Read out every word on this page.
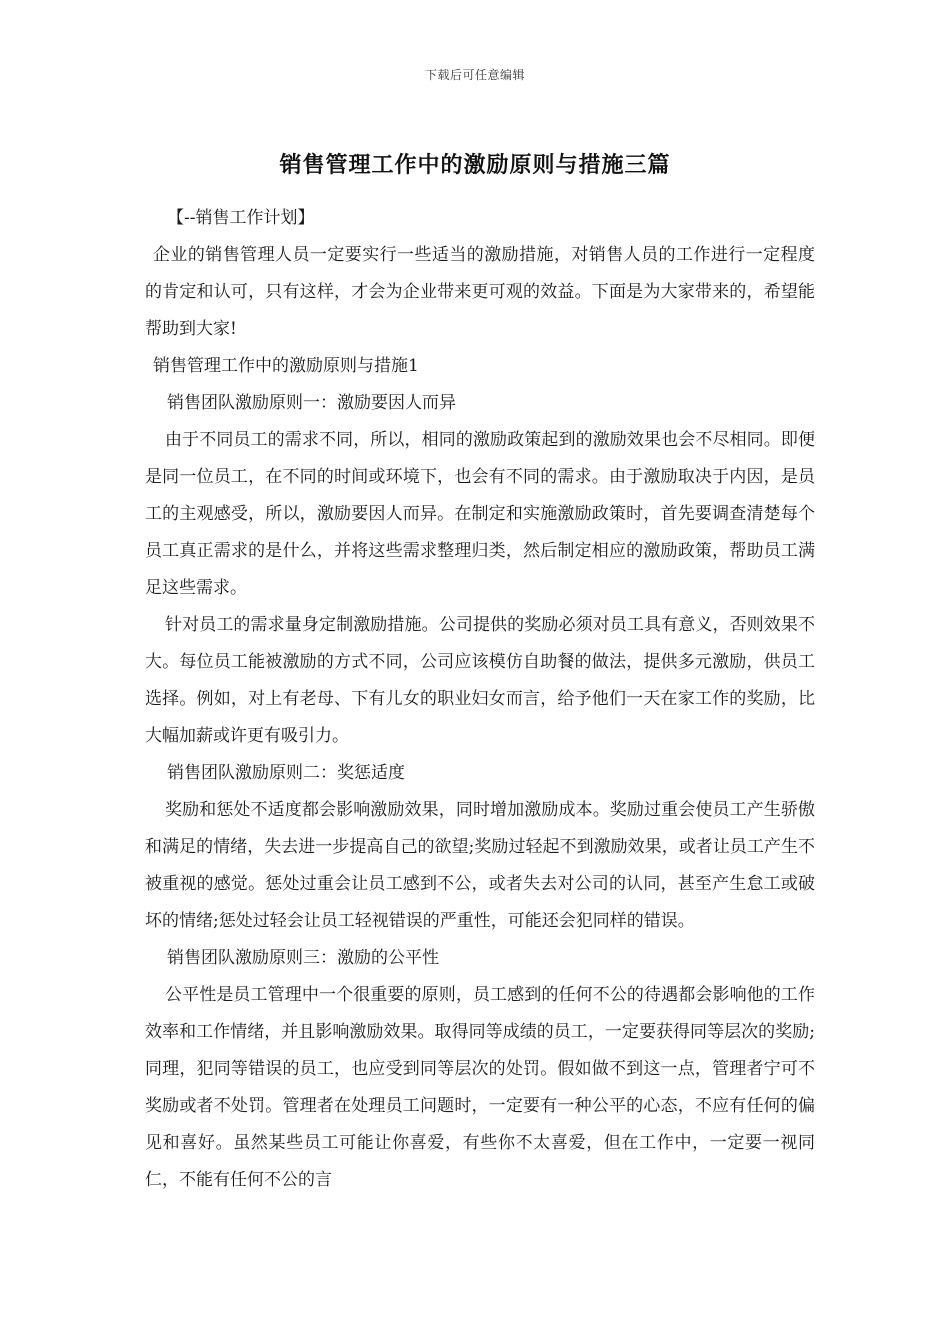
下载后可任意编辑
销售管理工作中的激励原则与措施三篇

【--销售工作计划】

企业的销售管理人员一定要实行一些适当的激励措施，对销售人员的工作进行一定程度的肯定和认可，只有这样，才会为企业带来更可观的效益。下面是为大家带来的，希望能帮助到大家!

销售管理工作中的激励原则与措施1

销售团队激励原则一：激励要因人而异

由于不同员工的需求不同，所以，相同的激励政策起到的激励效果也会不尽相同。即便是同一位员工，在不同的时间或环境下，也会有不同的需求。由于激励取决于内因，是员工的主观感受，所以，激励要因人而异。在制定和实施激励政策时，首先要调查清楚每个员工真正需求的是什么，并将这些需求整理归类，然后制定相应的激励政策，帮助员工满足这些需求。

针对员工的需求量身定制激励措施。公司提供的奖励必须对员工具有意义，否则效果不大。每位员工能被激励的方式不同，公司应该模仿自助餐的做法，提供多元激励，供员工选择。例如，对上有老母、下有儿女的职业妇女而言，给予他们一天在家工作的奖励，比大幅加薪或许更有吸引力。

销售团队激励原则二：奖惩适度

奖励和惩处不适度都会影响激励效果，同时增加激励成本。奖励过重会使员工产生骄傲和满足的情绪，失去进一步提高自己的欲望;奖励过轻起不到激励效果，或者让员工产生不被重视的感觉。惩处过重会让员工感到不公，或者失去对公司的认同，甚至产生怠工或破坏的情绪;惩处过轻会让员工轻视错误的严重性，可能还会犯同样的错误。

销售团队激励原则三：激励的公平性

公平性是员工管理中一个很重要的原则，员工感到的任何不公的待遇都会影响他的工作效率和工作情绪，并且影响激励效果。取得同等成绩的员工，一定要获得同等层次的奖励;同理，犯同等错误的员工，也应受到同等层次的处罚。假如做不到这一点，管理者宁可不奖励或者不处罚。管理者在处理员工问题时，一定要有一种公平的心态，不应有任何的偏见和喜好。虽然某些员工可能让你喜爱，有些你不太喜爱，但在工作中，一定要一视同仁，不能有任何不公的言
